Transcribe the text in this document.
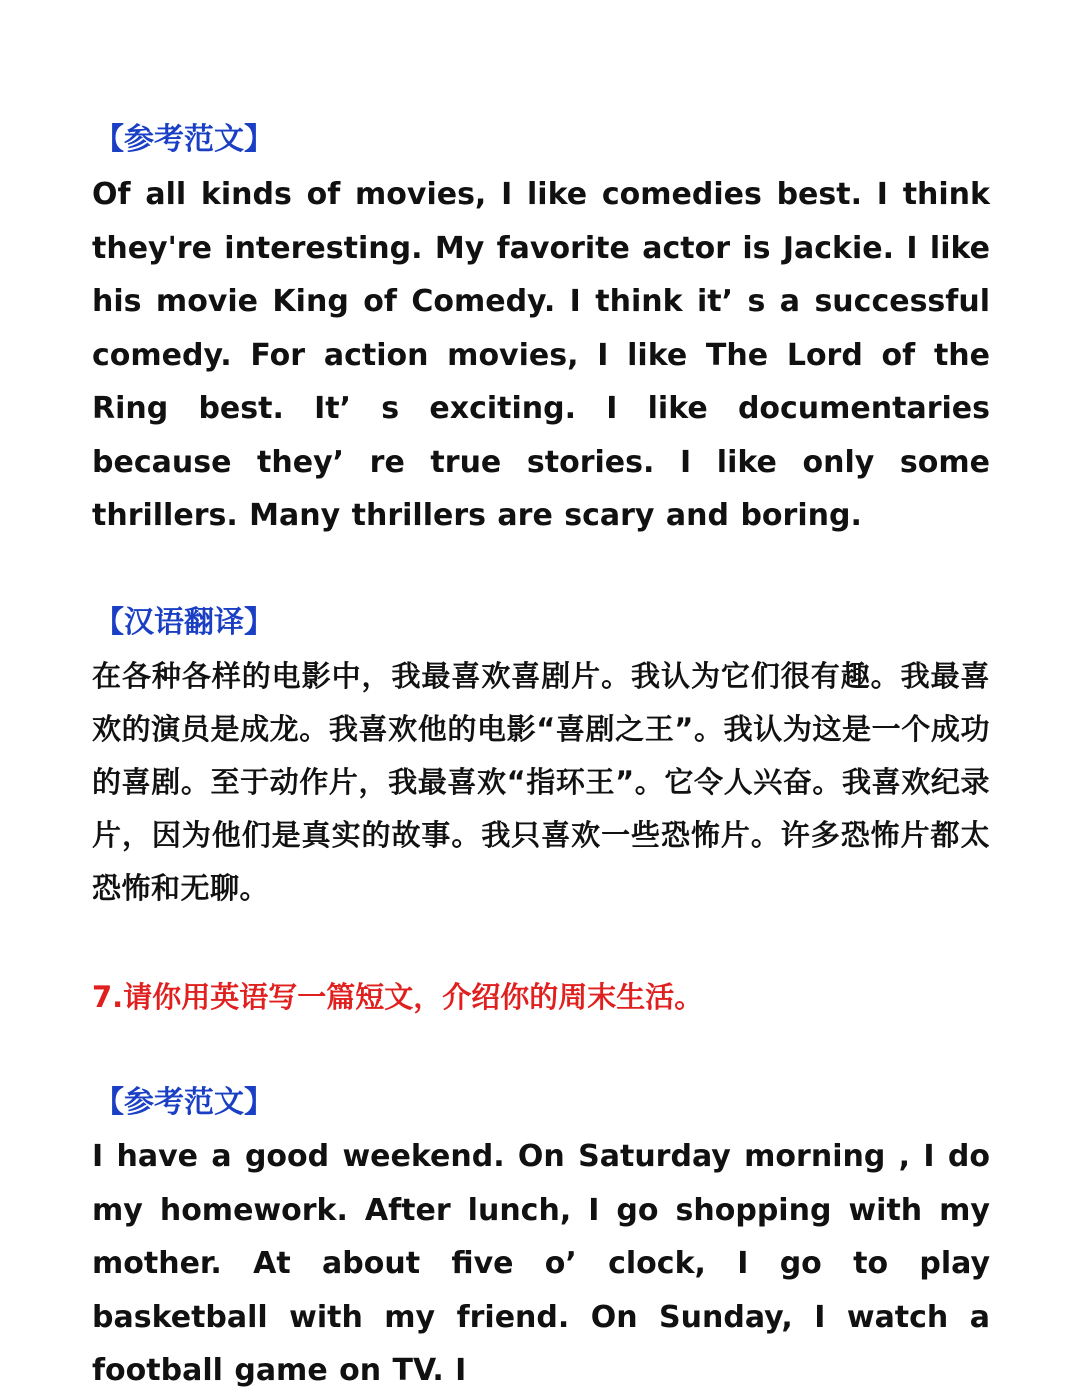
【参考范文】
Of all kinds of movies, I like comedies best. I think they're interesting. My favorite actor is Jackie. I like his movie King of Comedy. I think it’ s a successful comedy. For action movies, I like The Lord of the Ring best. It’ s exciting. I like documentaries because they’ re true stories. I like only some thrillers. Many thrillers are scary and boring.
【汉语翻译】
在各种各样的电影中，我最喜欢喜剧片。我认为它们很有趣。我最喜欢的演员是成龙。我喜欢他的电影“喜剧之王”。我认为这是一个成功的喜剧。至于动作片，我最喜欢“指环王”。它令人兴奋。我喜欢纪录片，因为他们是真实的故事。我只喜欢一些恐怖片。许多恐怖片都太恐怖和无聊。
7.请你用英语写一篇短文，介绍你的周末生活。
【参考范文】
I have a good weekend. On Saturday morning , I do my homework. After lunch, I go shopping with my mother. At about five o’ clock, I go to play basketball with my friend. On Sunday, I watch a football game on TV. I
